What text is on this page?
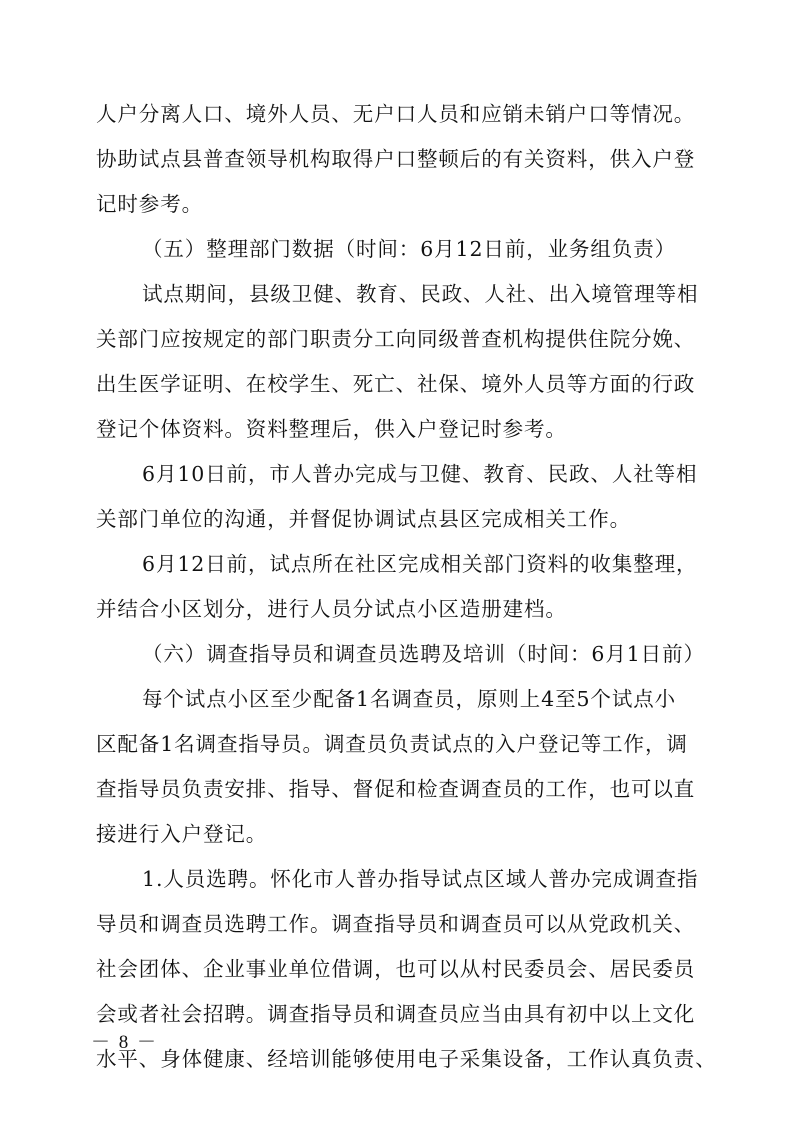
人户分离人口、境外人员、无户口人员和应销未销户口等情况。
协助试点县普查领导机构取得户口整顿后的有关资料，供入户登
记时参考。
（五）整理部门数据（时间：6月12日前，业务组负责）
试点期间，县级卫健、教育、民政、人社、出入境管理等相
关部门应按规定的部门职责分工向同级普查机构提供住院分娩、
出生医学证明、在校学生、死亡、社保、境外人员等方面的行政
登记个体资料。资料整理后，供入户登记时参考。
6月10日前，市人普办完成与卫健、教育、民政、人社等相
关部门单位的沟通，并督促协调试点县区完成相关工作。
6月12日前，试点所在社区完成相关部门资料的收集整理，
并结合小区划分，进行人员分试点小区造册建档。
（六）调查指导员和调查员选聘及培训（时间：6月1日前）
每个试点小区至少配备1名调查员，原则上4至5个试点小
区配备1名调查指导员。调查员负责试点的入户登记等工作，调
查指导员负责安排、指导、督促和检查调查员的工作，也可以直
接进行入户登记。
1.人员选聘。怀化市人普办指导试点区域人普办完成调查指
导员和调查员选聘工作。调查指导员和调查员可以从党政机关、
社会团体、企业事业单位借调，也可以从村民委员会、居民委员
会或者社会招聘。调查指导员和调查员应当由具有初中以上文化
水平、身体健康、经培训能够使用电子采集设备，工作认真负责、
－ 8 －
